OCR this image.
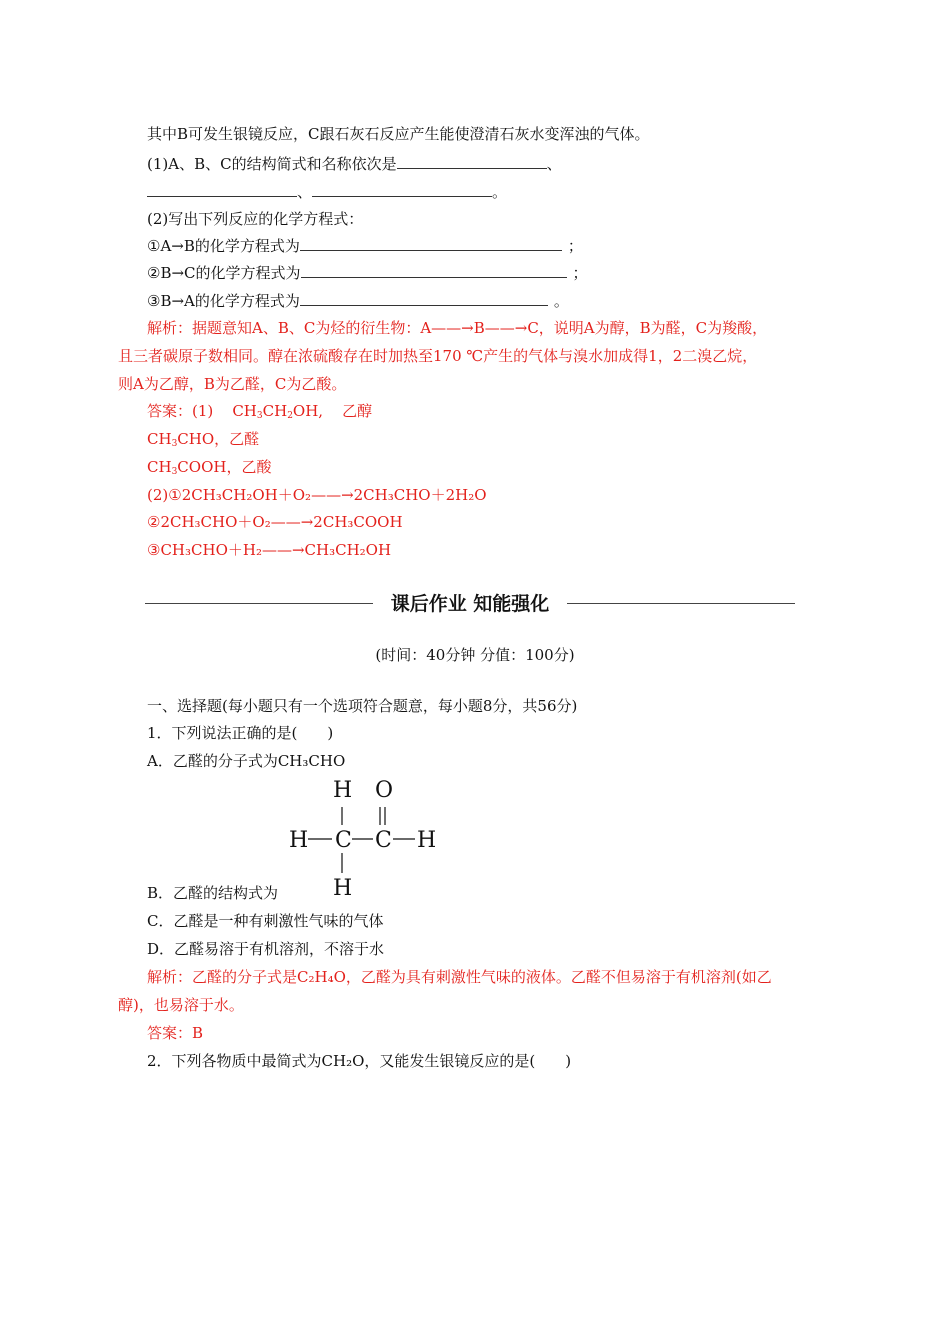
其中B可发生银镜反应，C跟石灰石反应产生能使澄清石灰水变浑浊的气体。
(1)A、B、C的结构简式和名称依次是	、
、	。
(2)写出下列反应的化学方程式：
①A→B的化学方程式为	；
②B→C的化学方程式为	；
③B→A的化学方程式为	。
解析：据题意知A、B、C为烃的衍生物：A——→B——→C，说明A为醇，B为醛，C为羧酸，
且三者碳原子数相同。醇在浓硫酸存在时加热至170 ℃产生的气体与溴水加成得1，2二溴乙烷，
则A为乙醇，B为乙醛，C为乙酸。
答案：(1) $CH_3CH_2OH$, 乙醇
$CH_3CHO$，乙醛
$CH_3COOH$，乙酸
(2)①2CH₃CH₂OH＋O₂——→2CH₃CHO＋2H₂O
②2CH₃CHO＋O₂——→2CH₃COOH
③CH₃CHO＋H₂——→CH₃CH₂OH
课后作业 知能强化
(时间：40分钟 分值：100分)
一、选择题(每小题只有一个选项符合题意，每小题8分，共56分)
1．下列说法正确的是(　　)
A．乙醛的分子式为CH₃CHO
H O
H C C H
H
B．乙醛的结构式为
C．乙醛是一种有刺激性气味的气体
D．乙醛易溶于有机溶剂，不溶于水
解析：乙醛的分子式是C₂H₄O，乙醛为具有刺激性气味的液体。乙醛不但易溶于有机溶剂(如乙
醇)，也易溶于水。
答案：B
2．下列各物质中最简式为CH₂O，又能发生银镜反应的是(　　)
